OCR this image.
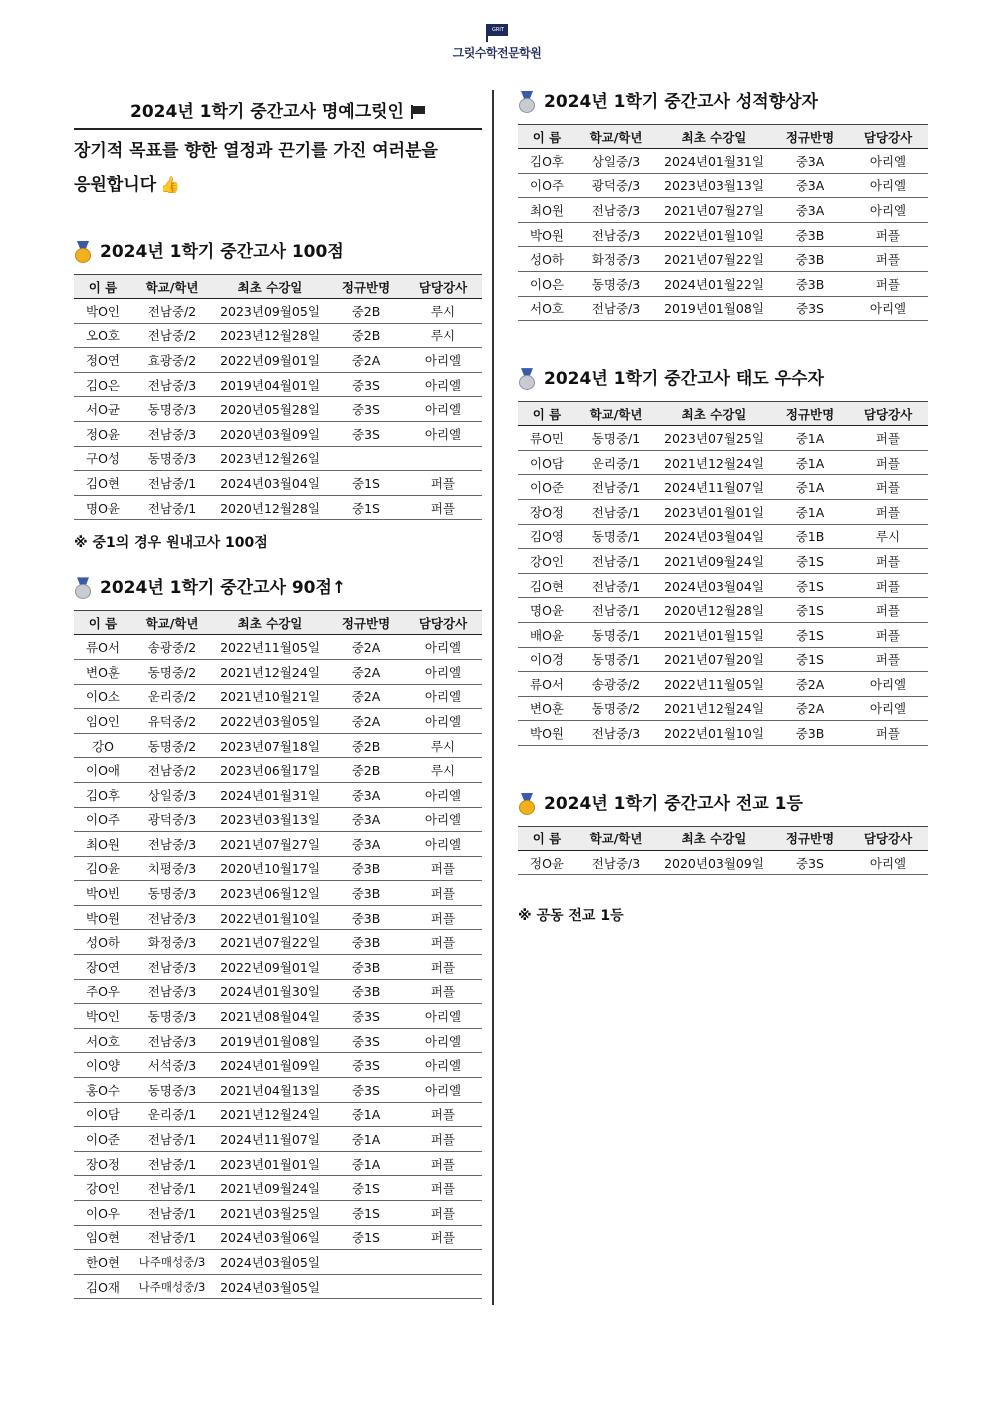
GRIT
그릿수학전문학원
2024년 1학기 중간고사 명예그릿인
장기적 목표를 향한 열정과 끈기를 가진 여러분을
응원합니다 👍
2024년 1학기 중간고사 100점
이 름	학교/학년	최초 수강일	정규반명	담당강사
박O인	전남중/2	2023년09월05일	중2B	루시
오O호	전남중/2	2023년12월28일	중2B	루시
정O연	효광중/2	2022년09월01일	중2A	아리엘
김O은	전남중/3	2019년04월01일	중3S	아리엘
서O균	동명중/3	2020년05월28일	중3S	아리엘
정O윤	전남중/3	2020년03월09일	중3S	아리엘
구O성	동명중/3	2023년12월26일		
김O현	전남중/1	2024년03월04일	중1S	퍼플
명O윤	전남중/1	2020년12월28일	중1S	퍼플
※ 중1의 경우 원내고사 100점
2024년 1학기 중간고사 90점↑
이 름	학교/학년	최초 수강일	정규반명	담당강사
류O서	송광중/2	2022년11월05일	중2A	아리엘
변O훈	동명중/2	2021년12월24일	중2A	아리엘
이O소	운리중/2	2021년10월21일	중2A	아리엘
임O인	유덕중/2	2022년03월05일	중2A	아리엘
강O	동명중/2	2023년07월18일	중2B	루시
이O애	전남중/2	2023년06월17일	중2B	루시
김O후	상일중/3	2024년01월31일	중3A	아리엘
이O주	광덕중/3	2023년03월13일	중3A	아리엘
최O원	전남중/3	2021년07월27일	중3A	아리엘
김O윤	치평중/3	2020년10월17일	중3B	퍼플
박O빈	동명중/3	2023년06월12일	중3B	퍼플
박O원	전남중/3	2022년01월10일	중3B	퍼플
성O하	화정중/3	2021년07월22일	중3B	퍼플
장O연	전남중/3	2022년09월01일	중3B	퍼플
주O우	전남중/3	2024년01월30일	중3B	퍼플
박O인	동명중/3	2021년08월04일	중3S	아리엘
서O호	전남중/3	2019년01월08일	중3S	아리엘
이O양	서석중/3	2024년01월09일	중3S	아리엘
홍O수	동명중/3	2021년04월13일	중3S	아리엘
이O담	운리중/1	2021년12월24일	중1A	퍼플
이O준	전남중/1	2024년11월07일	중1A	퍼플
장O정	전남중/1	2023년01월01일	중1A	퍼플
강O인	전남중/1	2021년09월24일	중1S	퍼플
이O우	전남중/1	2021년03월25일	중1S	퍼플
임O현	전남중/1	2024년03월06일	중1S	퍼플
한O현	나주매성중/3	2024년03월05일		
김O재	나주매성중/3	2024년03월05일		
2024년 1학기 중간고사 성적향상자
이 름	학교/학년	최초 수강일	정규반명	담당강사
김O후	상일중/3	2024년01월31일	중3A	아리엘
이O주	광덕중/3	2023년03월13일	중3A	아리엘
최O원	전남중/3	2021년07월27일	중3A	아리엘
박O원	전남중/3	2022년01월10일	중3B	퍼플
성O하	화정중/3	2021년07월22일	중3B	퍼플
이O은	동명중/3	2024년01월22일	중3B	퍼플
서O호	전남중/3	2019년01월08일	중3S	아리엘
2024년 1학기 중간고사 태도 우수자
이 름	학교/학년	최초 수강일	정규반명	담당강사
류O민	동명중/1	2023년07월25일	중1A	퍼플
이O담	운리중/1	2021년12월24일	중1A	퍼플
이O준	전남중/1	2024년11월07일	중1A	퍼플
장O정	전남중/1	2023년01월01일	중1A	퍼플
김O영	동명중/1	2024년03월04일	중1B	루시
강O인	전남중/1	2021년09월24일	중1S	퍼플
김O현	전남중/1	2024년03월04일	중1S	퍼플
명O윤	전남중/1	2020년12월28일	중1S	퍼플
배O윤	동명중/1	2021년01월15일	중1S	퍼플
이O경	동명중/1	2021년07월20일	중1S	퍼플
류O서	송광중/2	2022년11월05일	중2A	아리엘
변O훈	동명중/2	2021년12월24일	중2A	아리엘
박O원	전남중/3	2022년01월10일	중3B	퍼플
2024년 1학기 중간고사 전교 1등
이 름	학교/학년	최초 수강일	정규반명	담당강사
정O윤	전남중/3	2020년03월09일	중3S	아리엘
※ 공동 전교 1등
